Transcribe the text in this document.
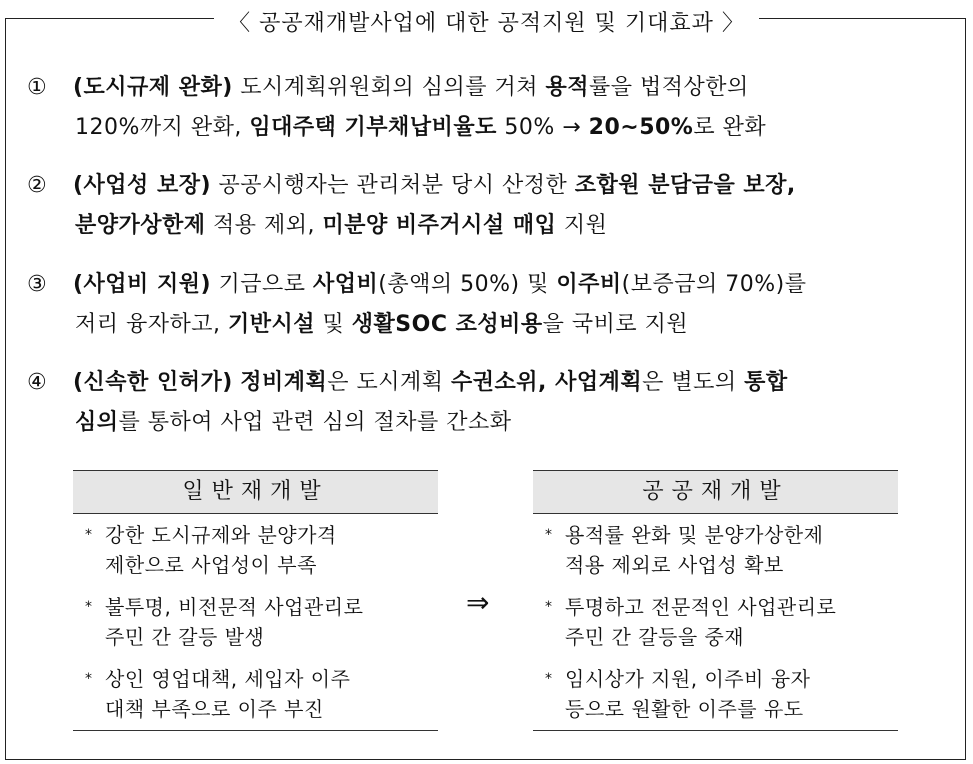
〈 공공재개발사업에 대한 공적지원 및 기대효과 〉
① (도시규제 완화) 도시계획위원회의 심의를 거쳐 용적률을 법적상한의
120%까지 완화, 임대주택 기부채납비율도 50% → 20~50%로 완화
② (사업성 보장) 공공시행자는 관리처분 당시 산정한 조합원 분담금을 보장,
분양가상한제 적용 제외, 미분양 비주거시설 매입 지원
③ (사업비 지원) 기금으로 사업비(총액의 50%) 및 이주비(보증금의 70%)를
저리 융자하고, 기반시설 및 생활SOC 조성비용을 국비로 지원
④ (신속한 인허가) 정비계획은 도시계획 수권소위, 사업계획은 별도의 통합
심의를 통하여 사업 관련 심의 절차를 간소화
일반재개발
* 강한 도시규제와 분양가격
제한으로 사업성이 부족
* 불투명, 비전문적 사업관리로
주민 간 갈등 발생
* 상인 영업대책, 세입자 이주
대책 부족으로 이주 부진
⇒
공공재개발
* 용적률 완화 및 분양가상한제
적용 제외로 사업성 확보
* 투명하고 전문적인 사업관리로
주민 간 갈등을 중재
* 임시상가 지원, 이주비 융자
등으로 원활한 이주를 유도
